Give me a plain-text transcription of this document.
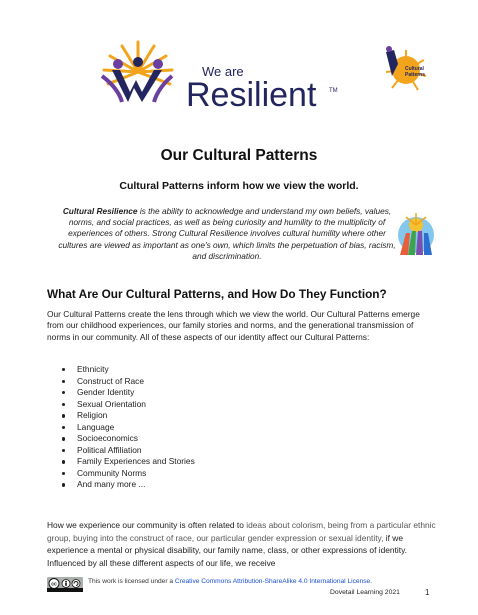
We are
Resilient TM
Cultural
Patterns
Our Cultural Patterns
Cultural Patterns inform how we view the world.
Cultural Resilience is the ability to acknowledge and understand my own beliefs, values, norms, and social practices, as well as being curiosity and humility to the multiplicity of experiences of others. Strong Cultural Resilience involves cultural humility where other cultures are viewed as important as one's own, which limits the perpetuation of bias, racism, and discrimination.
What Are Our Cultural Patterns, and How Do They Function?
Our Cultural Patterns create the lens through which we view the world. Our Cultural Patterns emerge from our childhood experiences, our family stories and norms, and the generational transmission of norms in our community. All of these aspects of our identity affect our Cultural Patterns:
Ethnicity
Construct of Race
Gender Identity
Sexual Orientation
Religion
Language
Socioeconomics
Political Affiliation
Family Experiences and Stories
Community Norms
And many more ...
How we experience our community is often related to ideas about colorism, being from a particular ethnic group, buying into the construct of race, our particular gender expression or sexual identity, if we experience a mental or physical disability, our family name, class, or other expressions of identity. Influenced by all these different aspects of our life, we receive
cc	This work is licensed under a Creative Commons Attribution-ShareAlike 4.0 International License.
Dovetail Learning 2021	1
